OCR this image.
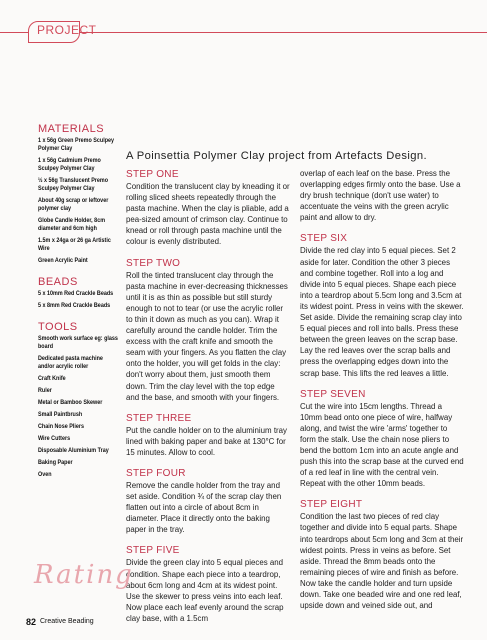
PROJECT
MATERIALS
1 x 56g Green Premo Sculpey Polymer Clay
1 x 56g Cadmium Premo Sculpey Polymer Clay
½ x 56g Translucent Premo Sculpey Polymer Clay
About 40g scrap or leftover polymer clay
Globe Candle Holder, 8cm diameter and 6cm high
1.5m x 24ga or 26 ga Artistic Wire
Green Acrylic Paint
BEADS
5 x 10mm Red Crackle Beads
5 x 8mm Red Crackle Beads
TOOLS
Smooth work surface eg: glass board
Dedicated pasta machine and/or acrylic roller
Craft Knife
Ruler
Metal or Bamboo Skewer
Small Paintbrush
Chain Nose Pliers
Wire Cutters
Disposable Aluminium Tray
Baking Paper
Oven
A Poinsettia Polymer Clay project from Artefacts Design.
STEP ONE

Condition the translucent clay by kneading it or rolling sliced sheets repeatedly through the pasta machine. When the clay is pliable, add a pea-sized amount of crimson clay. Continue to knead or roll through pasta machine until the colour is evenly distributed.

STEP TWO

Roll the tinted translucent clay through the pasta machine in ever-decreasing thicknesses until it is as thin as possible but still sturdy enough to not to tear (or use the acrylic roller to thin it down as much as you can). Wrap it carefully around the candle holder. Trim the excess with the craft knife and smooth the seam with your fingers. As you flatten the clay onto the holder, you will get folds in the clay: don't worry about them, just smooth them down. Trim the clay level with the top edge and the base, and smooth with your fingers.

STEP THREE

Put the candle holder on to the aluminium tray lined with baking paper and bake at 130°C for 15 minutes. Allow to cool.

STEP FOUR

Remove the candle holder from the tray and set aside. Condition ¾ of the scrap clay then flatten out into a circle of about 8cm in diameter. Place it directly onto the baking paper in the tray.

STEP FIVE

Divide the green clay into 5 equal pieces and condition. Shape each piece into a teardrop, about 6cm long and 4cm at its widest point. Use the skewer to press veins into each leaf. Now place each leaf evenly around the scrap clay base, with a 1.5cm

overlap of each leaf on the base. Press the overlapping edges firmly onto the base. Use a dry brush technique (don't use water) to accentuate the veins with the green acrylic paint and allow to dry.

STEP SIX

Divide the red clay into 5 equal pieces. Set 2 aside for later. Condition the other 3 pieces and combine together. Roll into a log and divide into 5 equal pieces. Shape each piece into a teardrop about 5.5cm long and 3.5cm at its widest point. Press in veins with the skewer. Set aside. Divide the remaining scrap clay into 5 equal pieces and roll into balls. Press these between the green leaves on the scrap base. Lay the red leaves over the scrap balls and press the overlapping edges down into the scrap base. This lifts the red leaves a little.

STEP SEVEN

Cut the wire into 15cm lengths. Thread a 10mm bead onto one piece of wire, halfway along, and twist the wire 'arms' together to form the stalk. Use the chain nose pliers to bend the bottom 1cm into an acute angle and push this into the scrap base at the curved end of a red leaf in line with the central vein. Repeat with the other 10mm beads.

STEP EIGHT

Condition the last two pieces of red clay together and divide into 5 equal parts. Shape into teardrops about 5cm long and 3cm at their widest points. Press in veins as before. Set aside. Thread the 8mm beads onto the remaining pieces of wire and finish as before. Now take the candle holder and turn upside down. Take one beaded wire and one red leaf, upside down and veined side out, and

Rating
82 Creative Beading
